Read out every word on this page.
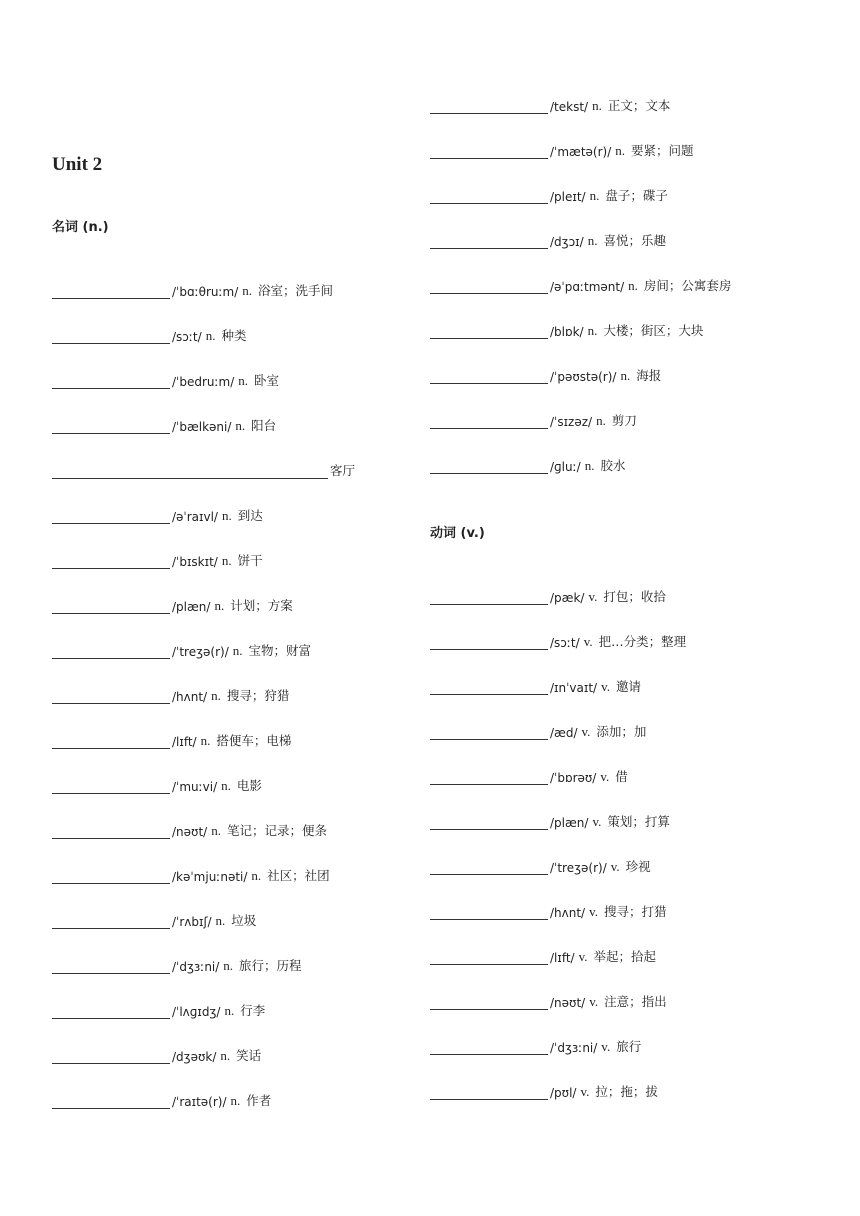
Unit 2
名词 (n.)
动词 (v.)
/ˈbɑːθruːm/ n. 浴室；洗手间
/sɔːt/ n. 种类
/ˈbedruːm/ n. 卧室
/ˈbælkəni/ n. 阳台
客厅
/əˈraɪvl/ n. 到达
/ˈbɪskɪt/ n. 饼干
/plæn/ n. 计划；方案
/ˈtreʒə(r)/ n. 宝物；财富
/hʌnt/ n. 搜寻；狩猎
/lɪft/ n. 搭便车；电梯
/ˈmuːvi/ n. 电影
/nəʊt/ n. 笔记；记录；便条
/kəˈmjuːnəti/ n. 社区；社团
/ˈrʌbɪʃ/ n. 垃圾
/ˈdʒɜːni/ n. 旅行；历程
/ˈlʌɡɪdʒ/ n. 行李
/dʒəʊk/ n. 笑话
/ˈraɪtə(r)/ n. 作者
/tekst/ n. 正文；文本
/ˈmætə(r)/ n. 要紧；问题
/pleɪt/ n. 盘子；碟子
/dʒɔɪ/ n. 喜悦；乐趣
/əˈpɑːtmənt/ n. 房间；公寓套房
/blɒk/ n. 大楼；街区；大块
/ˈpəʊstə(r)/ n. 海报
/ˈsɪzəz/ n. 剪刀
/ɡluː/ n. 胶水
/pæk/ v. 打包；收拾
/sɔːt/ v. 把…分类；整理
/ɪnˈvaɪt/ v. 邀请
/æd/ v. 添加；加
/ˈbɒrəʊ/ v. 借
/plæn/ v. 策划；打算
/ˈtreʒə(r)/ v. 珍视
/hʌnt/ v. 搜寻；打猎
/lɪft/ v. 举起；拾起
/nəʊt/ v. 注意；指出
/ˈdʒɜːni/ v. 旅行
/pʊl/ v. 拉；拖；拔
